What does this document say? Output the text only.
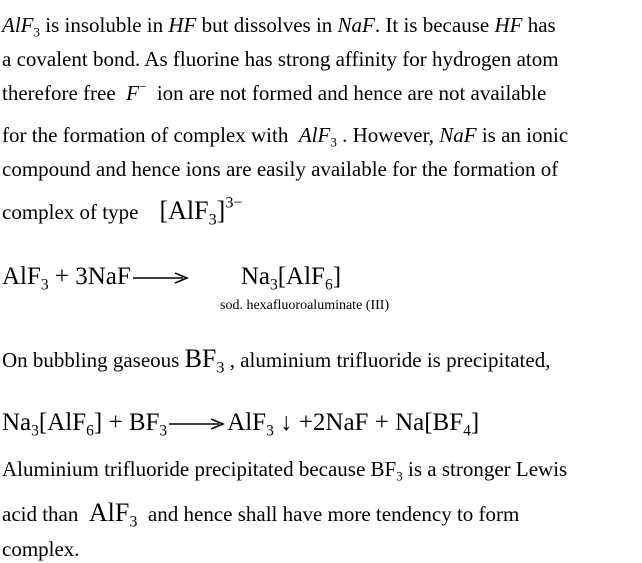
AlF$_3$ is insoluble in HF but dissolves in NaF. It is because HF has
a covalent bond. As fluorine has strong affinity for hydrogen atom
therefore free  F−  ion are not formed and hence are not available
for the formation of complex with  AlF$_3$ . However, NaF is an ionic
compound and hence ions are easily available for the formation of
complex of type    $[AlF_3]^{3-}$
$AlF_3 + 3NaF \to Na_3[AlF_6]$
sod. hexafluoroaluminate (III)
On bubbling gaseous $BF_3$ , aluminium trifluoride is precipitated,
$Na_3[AlF_6] + BF_3 \to AlF_3$ ↓ $+2NaF + Na[BF_4]$
Aluminium trifluoride precipitated because $BF_3$ is a stronger Lewis
acid than  AlF$_3$  and hence shall have more tendency to form
complex.
